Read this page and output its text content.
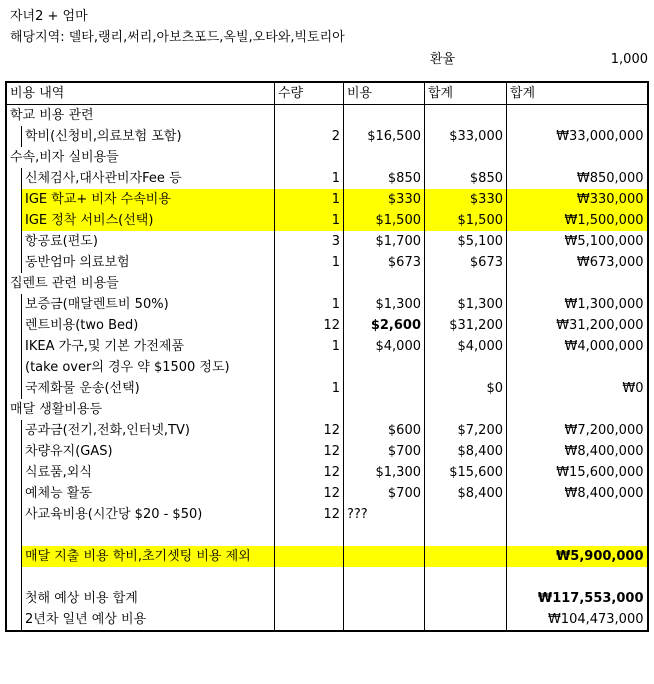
자녀2 + 엄마
해당지역: 델타,랭리,써리,아보츠포드,옥빌,오타와,빅토리아
환율	1,000
비용 내역		수량	비용	합계	합계
학교 비용 관련					
	학비(신청비,의료보험 포함)	2	$16,500	$33,000	₩33,000,000
수속,비자 실비용들					
	신체검사,대사관비자Fee 등	1	$850	$850	₩850,000
	IGE 학교+ 비자 수속비용	1	$330	$330	₩330,000
	IGE 정착 서비스(선택)	1	$1,500	$1,500	₩1,500,000
	항공료(편도)	3	$1,700	$5,100	₩5,100,000
	동반엄마 의료보험	1	$673	$673	₩673,000
집렌트 관련 비용들					
	보증금(매달렌트비 50%)	1	$1,300	$1,300	₩1,300,000
	렌트비용(two Bed)	12	$2,600	$31,200	₩31,200,000
	IKEA 가구,및 기본 가전제품	1	$4,000	$4,000	₩4,000,000
	(take over의 경우 약 $1500 정도)				
	국제화물 운송(선택)	1		$0	₩0
매달 생활비용등					
	공과금(전기,전화,인터넷,TV)	12	$600	$7,200	₩7,200,000
	차량유지(GAS)	12	$700	$8,400	₩8,400,000
	식료품,외식	12	$1,300	$15,600	₩15,600,000
	예체능 활동	12	$700	$8,400	₩8,400,000
	사교육비용(시간당 $20 - $50)	12	???		

	매달 지출 비용 학비,초기셋팅 비용 제외				₩5,900,000

	첫해 예상 비용 합계				₩117,553,000
	2년차 일년 예상 비용				₩104,473,000
